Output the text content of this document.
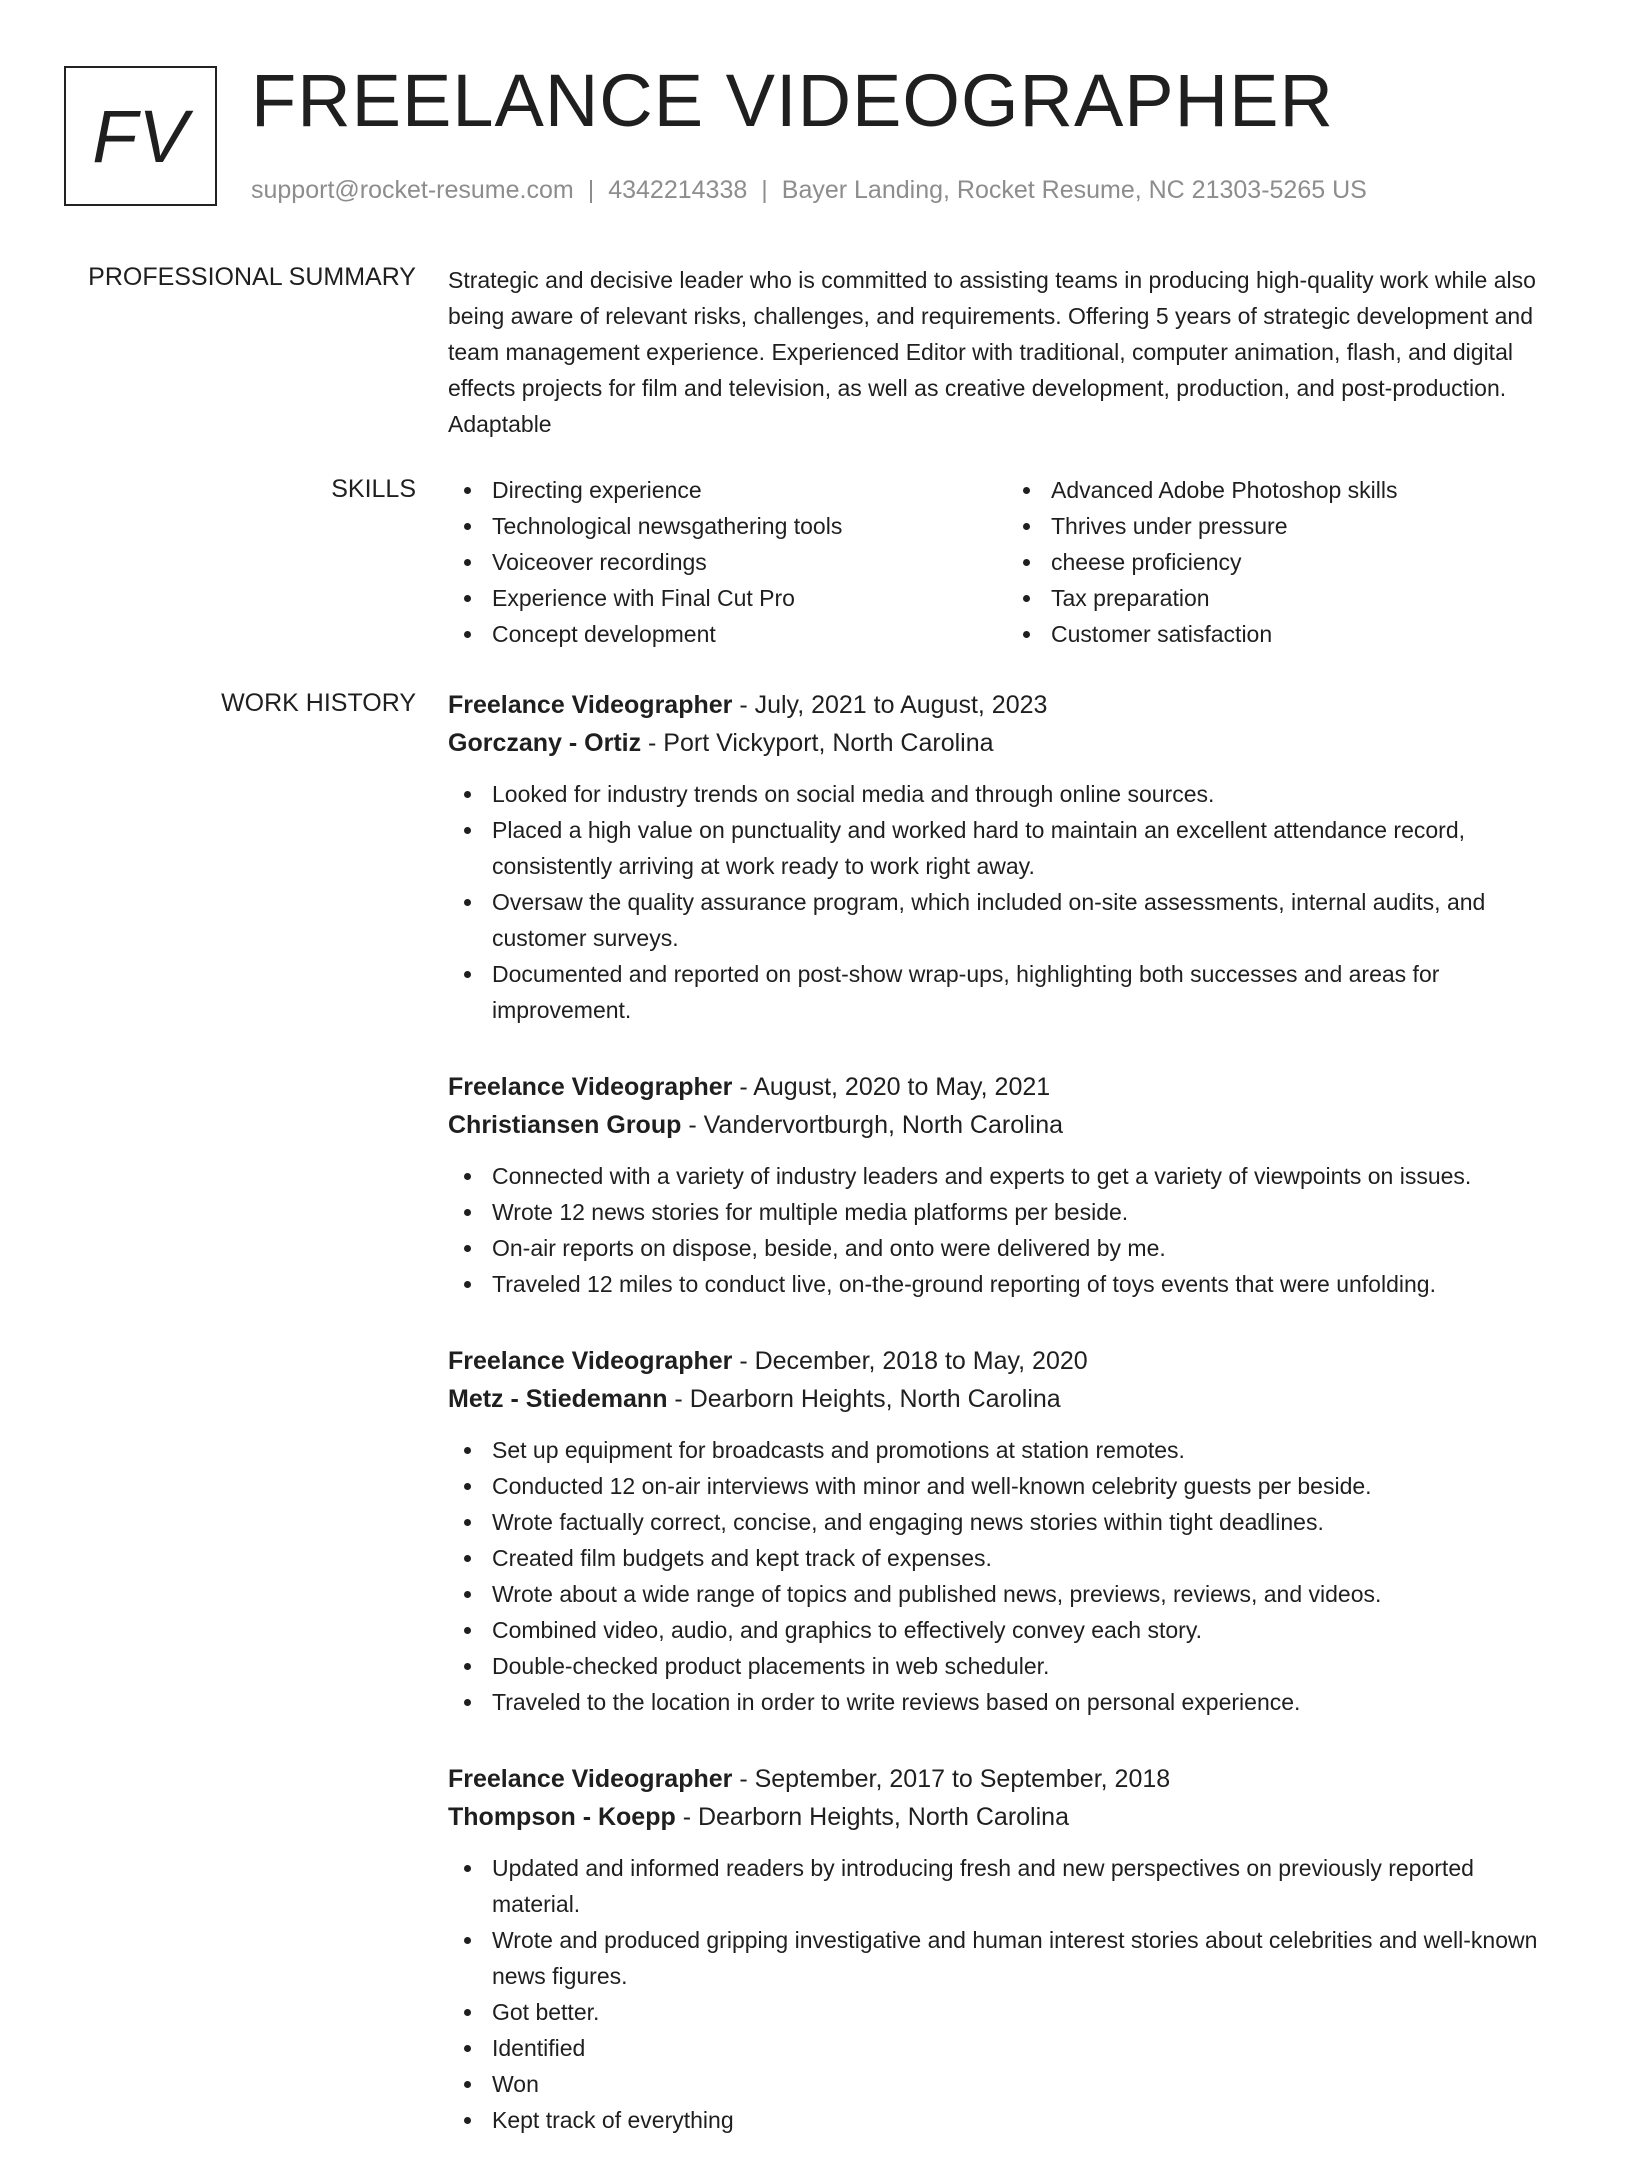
FV FREELANCE VIDEOGRAPHER
support@rocket-resume.com | 4342214338 | Bayer Landing, Rocket Resume, NC 21303-5265 US
PROFESSIONAL SUMMARY Strategic and decisive leader who is committed to assisting teams in producing high-quality work while also being aware of relevant risks, challenges, and requirements. Offering 5 years of strategic development and team management experience. Experienced Editor with traditional, computer animation, flash, and digital effects projects for film and television, as well as creative development, production, and post-production. Adaptable

SKILLS	Directing experience
Technological newsgathering tools
Voiceover recordings
Experience with Final Cut Pro
Concept development
Advanced Adobe Photoshop skills
Thrives under pressure
cheese proficiency
Tax preparation
Customer satisfaction
WORK HISTORY Freelance Videographer - July, 2021 to August, 2023
Gorczany - Ortiz - Port Vickyport, North Carolina
Looked for industry trends on social media and through online sources.
Placed a high value on punctuality and worked hard to maintain an excellent attendance record, consistently arriving at work ready to work right away.
Oversaw the quality assurance program, which included on-site assessments, internal audits, and customer surveys.
Documented and reported on post-show wrap-ups, highlighting both successes and areas for improvement.
Freelance Videographer - August, 2020 to May, 2021
Christiansen Group - Vandervortburgh, North Carolina
Connected with a variety of industry leaders and experts to get a variety of viewpoints on issues.
Wrote 12 news stories for multiple media platforms per beside.
On-air reports on dispose, beside, and onto were delivered by me.
Traveled 12 miles to conduct live, on-the-ground reporting of toys events that were unfolding.
Freelance Videographer - December, 2018 to May, 2020
Metz - Stiedemann - Dearborn Heights, North Carolina
Set up equipment for broadcasts and promotions at station remotes.
Conducted 12 on-air interviews with minor and well-known celebrity guests per beside.
Wrote factually correct, concise, and engaging news stories within tight deadlines.
Created film budgets and kept track of expenses.
Wrote about a wide range of topics and published news, previews, reviews, and videos.
Combined video, audio, and graphics to effectively convey each story.
Double-checked product placements in web scheduler.
Traveled to the location in order to write reviews based on personal experience.
Freelance Videographer - September, 2017 to September, 2018
Thompson - Koepp - Dearborn Heights, North Carolina
Updated and informed readers by introducing fresh and new perspectives on previously reported material.
Wrote and produced gripping investigative and human interest stories about celebrities and well-known news figures.
Got better.
Identified
Won
Kept track of everything
